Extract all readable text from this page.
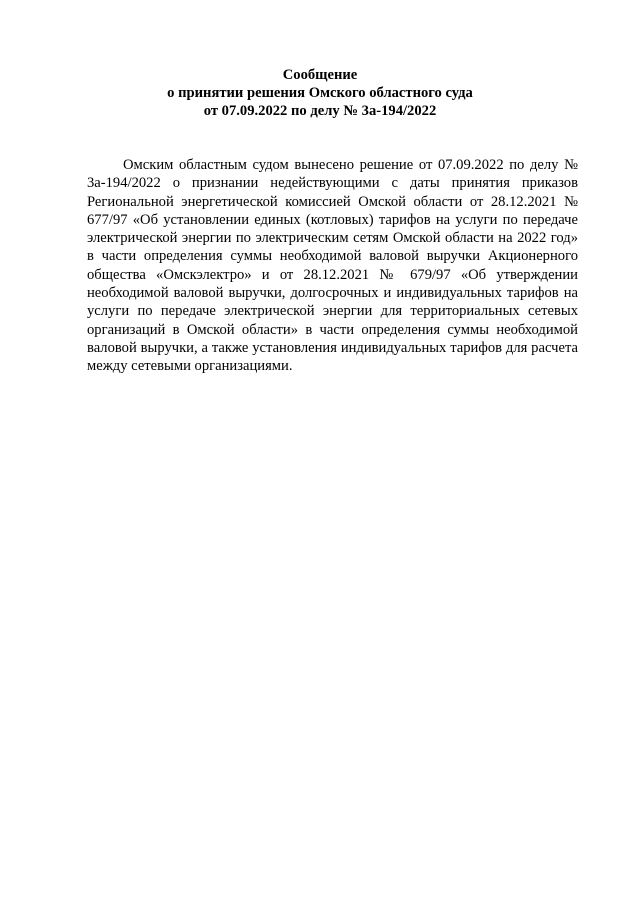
Сообщение
о принятии решения Омского областного суда
от 07.09.2022 по делу № 3а-194/2022

Омским областным судом вынесено решение от 07.09.2022 по делу № 3а-194/2022 о признании недействующими с даты принятия приказов Региональной энергетической комиссией Омской области от 28.12.2021 № 677/97 «Об установлении единых (котловых) тарифов на услуги по передаче электрической энергии по электрическим сетям Омской области на 2022 год» в части определения суммы необходимой валовой выручки Акционерного общества «Омскэлектро» и от 28.12.2021 № 679/97 «Об утверждении необходимой валовой выручки, долгосрочных и индивидуальных тарифов на услуги по передаче электрической энергии для территориальных сетевых организаций в Омской области» в части определения суммы необходимой валовой выручки, а также установления индивидуальных тарифов для расчета между сетевыми организациями.
